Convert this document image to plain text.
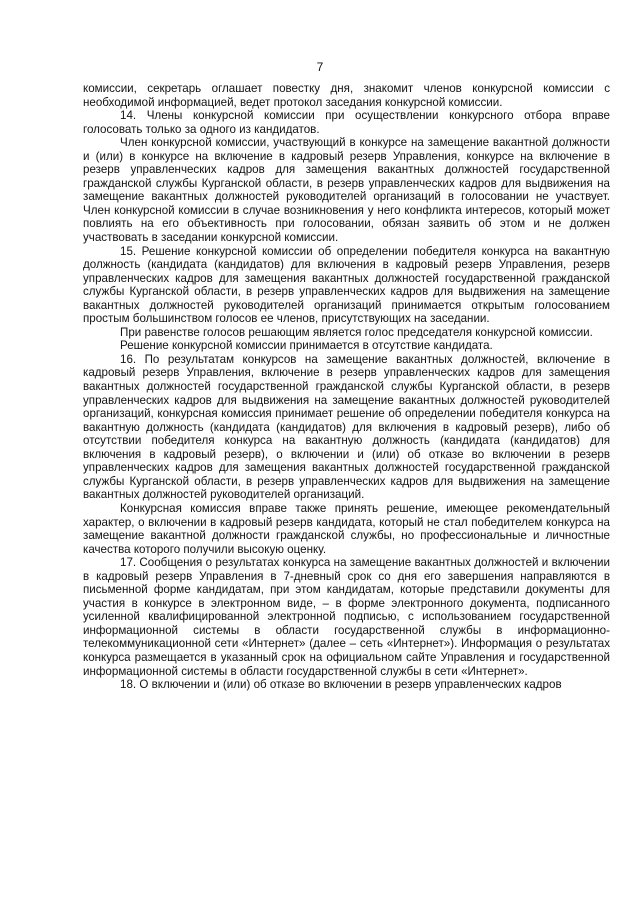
7

комиссии, секретарь оглашает повестку дня, знакомит членов конкурсной комиссии с необходимой информацией, ведет протокол заседания конкурсной комиссии.

14. Члены конкурсной комиссии при осуществлении конкурсного отбора вправе голосовать только за одного из кандидатов.

Член конкурсной комиссии, участвующий в конкурсе на замещение вакантной должности и (или) в конкурсе на включение в кадровый резерв Управления, конкурсе на включение в резерв управленческих кадров для замещения вакантных должностей государственной гражданской службы Курганской области, в резерв управленческих кадров для выдвижения на замещение вакантных должностей руководителей организаций в голосовании не участвует. Член конкурсной комиссии в случае возникновения у него конфликта интересов, который может повлиять на его объективность при голосовании, обязан заявить об этом и не должен участвовать в заседании конкурсной комиссии.

15. Решение конкурсной комиссии об определении победителя конкурса на вакантную должность (кандидата (кандидатов) для включения в кадровый резерв Управления, резерв управленческих кадров для замещения вакантных должностей государственной гражданской службы Курганской области, в резерв управленческих кадров для выдвижения на замещение вакантных должностей руководителей организаций принимается открытым голосованием простым большинством голосов ее членов, присутствующих на заседании.

При равенстве голосов решающим является голос председателя конкурсной комиссии.

Решение конкурсной комиссии принимается в отсутствие кандидата.

16. По результатам конкурсов на замещение вакантных должностей, включение в кадровый резерв Управления, включение в резерв управленческих кадров для замещения вакантных должностей государственной гражданской службы Курганской области, в резерв управленческих кадров для выдвижения на замещение вакантных должностей руководителей организаций, конкурсная комиссия принимает решение об определении победителя конкурса на вакантную должность (кандидата (кандидатов) для включения в кадровый резерв), либо об отсутствии победителя конкурса на вакантную должность (кандидата (кандидатов) для включения в кадровый резерв), о включении и (или) об отказе во включении в резерв управленческих кадров для замещения вакантных должностей государственной гражданской службы Курганской области, в резерв управленческих кадров для выдвижения на замещение вакантных должностей руководителей организаций.

Конкурсная комиссия вправе также принять решение, имеющее рекомендательный характер, о включении в кадровый резерв кандидата, который не стал победителем конкурса на замещение вакантной должности гражданской службы, но профессиональные и личностные качества которого получили высокую оценку.

17. Сообщения о результатах конкурса на замещение вакантных должностей и включении в кадровый резерв Управления в 7-дневный срок со дня его завершения направляются в письменной форме кандидатам, при этом кандидатам, которые представили документы для участия в конкурсе в электронном виде, – в форме электронного документа, подписанного усиленной квалифицированной электронной подписью, с использованием государственной информационной системы в области государственной службы в информационно-телекоммуникационной сети «Интернет» (далее – сеть «Интернет»). Информация о результатах конкурса размещается в указанный срок на официальном сайте Управления и государственной информационной системы в области государственной службы в сети «Интернет».

18. О включении и (или) об отказе во включении в резерв управленческих кадров
